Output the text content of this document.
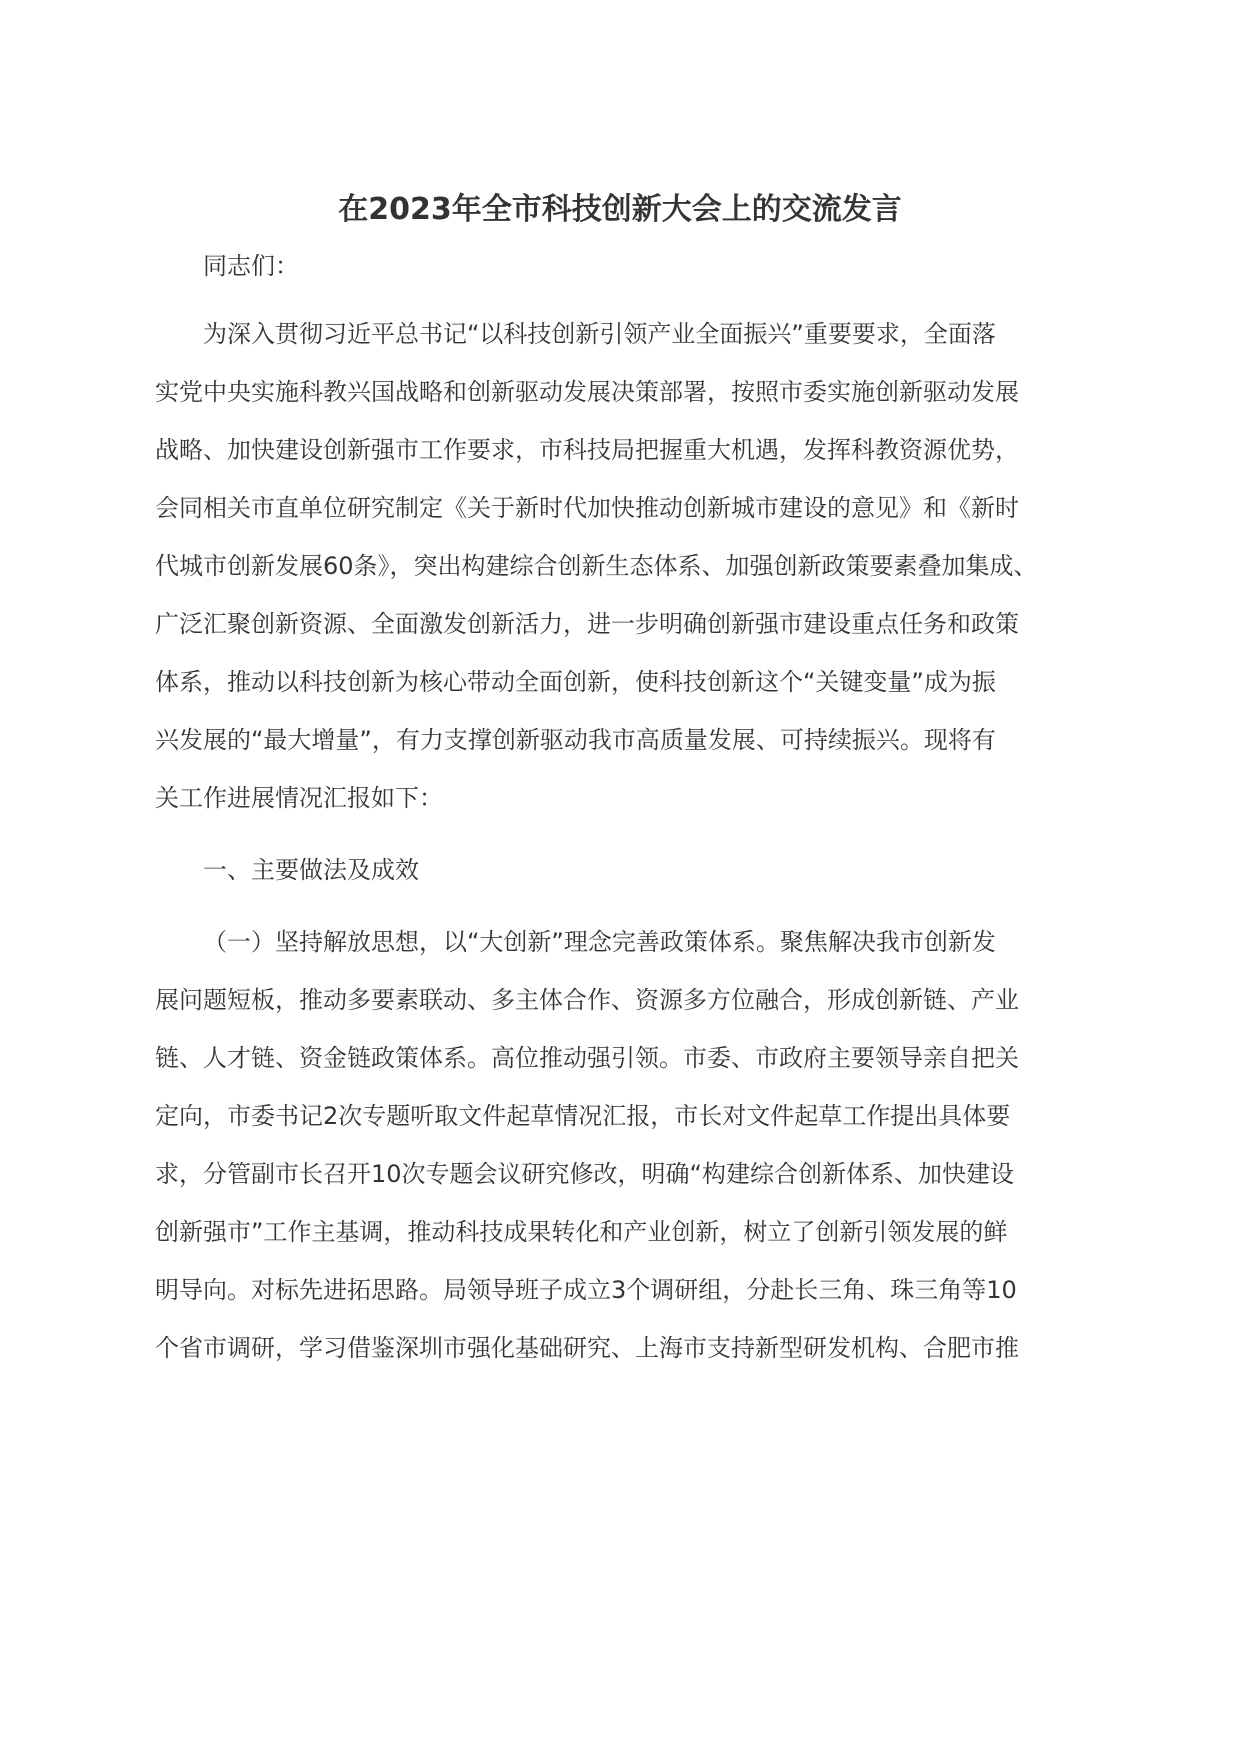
在2023年全市科技创新大会上的交流发言
同志们：
为深入贯彻习近平总书记“以科技创新引领产业全面振兴”重要要求，全面落
实党中央实施科教兴国战略和创新驱动发展决策部署，按照市委实施创新驱动发展
战略、加快建设创新强市工作要求，市科技局把握重大机遇，发挥科教资源优势，
会同相关市直单位研究制定《关于新时代加快推动创新城市建设的意见》和《新时
代城市创新发展60条》，突出构建综合创新生态体系、加强创新政策要素叠加集成、
广泛汇聚创新资源、全面激发创新活力，进一步明确创新强市建设重点任务和政策
体系，推动以科技创新为核心带动全面创新，使科技创新这个“关键变量”成为振
兴发展的“最大增量”，有力支撑创新驱动我市高质量发展、可持续振兴。现将有
关工作进展情况汇报如下：
一、主要做法及成效
（一）坚持解放思想，以“大创新”理念完善政策体系。聚焦解决我市创新发
展问题短板，推动多要素联动、多主体合作、资源多方位融合，形成创新链、产业
链、人才链、资金链政策体系。高位推动强引领。市委、市政府主要领导亲自把关
定向，市委书记2次专题听取文件起草情况汇报，市长对文件起草工作提出具体要
求，分管副市长召开10次专题会议研究修改，明确“构建综合创新体系、加快建设
创新强市”工作主基调，推动科技成果转化和产业创新，树立了创新引领发展的鲜
明导向。对标先进拓思路。局领导班子成立3个调研组，分赴长三角、珠三角等10
个省市调研，学习借鉴深圳市强化基础研究、上海市支持新型研发机构、合肥市推
